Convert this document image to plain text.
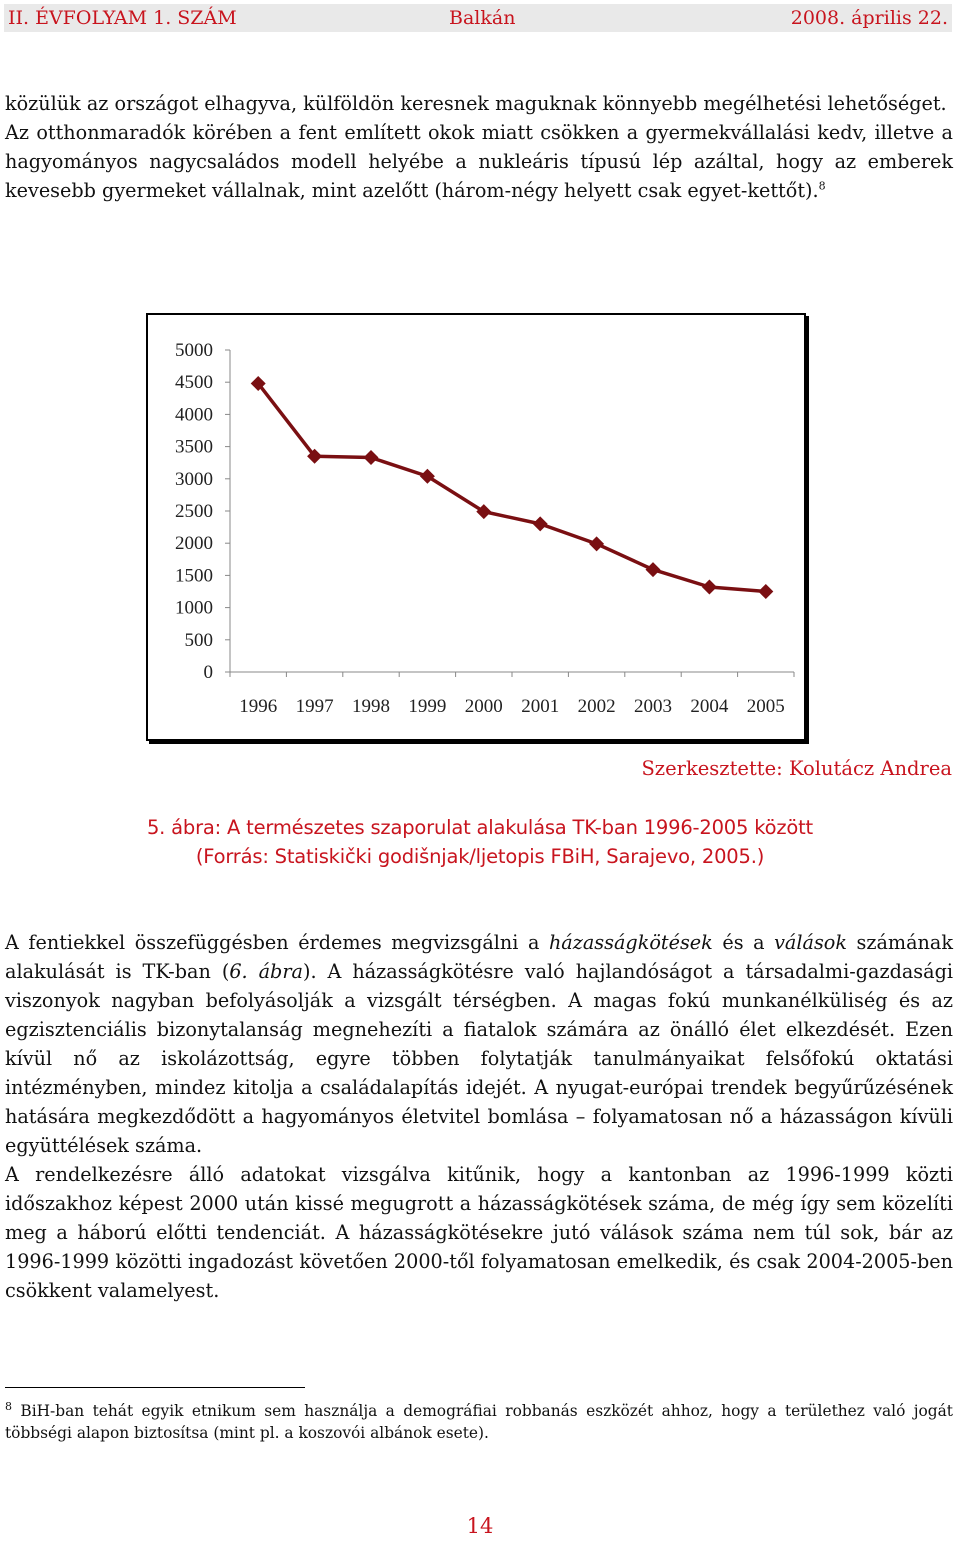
II. ÉVFOLYAM 1. SZÁM	Balkán	2008. április 22.
közülük az országot elhagyva, külföldön keresnek maguknak könnyebb megélhetési lehetőséget.
Az otthonmaradók körében a fent említett okok miatt csökken a gyermekvállalási kedv, illetve a hagyományos nagycsaládos modell helyébe a nukleáris típusú lép azáltal, hogy az emberek kevesebb gyermeket vállalnak, mint azelőtt (három-négy helyett csak egyet-kettőt).$^8$
5000
4500
4000
3500
3000
2500
2000
1500
1000
500
0
1996 1997 1998 1999 2000 2001 2002 2003 2004 2005
Szerkesztette: Kolutácz Andrea
5. ábra: A természetes szaporulat alakulása TK-ban 1996-2005 között
(Forrás: Statiskički godišnjak/ljetopis FBiH, Sarajevo, 2005.)
A fentiekkel összefüggésben érdemes megvizsgálni a házasságkötések és a válások számának alakulását is TK-ban (6. ábra). A házasságkötésre való hajlandóságot a társadalmi-gazdasági viszonyok nagyban befolyásolják a vizsgált térségben. A magas fokú munkanélküliség és az egzisztenciális bizonytalanság megnehezíti a fiatalok számára az önálló élet elkezdését. Ezen kívül nő az iskolázottság, egyre többen folytatják tanulmányaikat felsőfokú oktatási intézményben, mindez kitolja a családalapítás idejét. A nyugat-európai trendek begyűrűzésének hatására megkezdődött a hagyományos életvitel bomlása – folyamatosan nő a házasságon kívüli együttélések száma.
A rendelkezésre álló adatokat vizsgálva kitűnik, hogy a kantonban az 1996-1999 közti időszakhoz képest 2000 után kissé megugrott a házasságkötések száma, de még így sem közelíti meg a háború előtti tendenciát. A házasságkötésekre jutó válások száma nem túl sok, bár az 1996-1999 közötti ingadozást követően 2000-től folyamatosan emelkedik, és csak 2004-2005-ben csökkent valamelyest.
$^8$ BiH-ban tehát egyik etnikum sem használja a demográfiai robbanás eszközét ahhoz, hogy a területhez való jogát többségi alapon biztosítsa (mint pl. a koszovói albánok esete).
14
